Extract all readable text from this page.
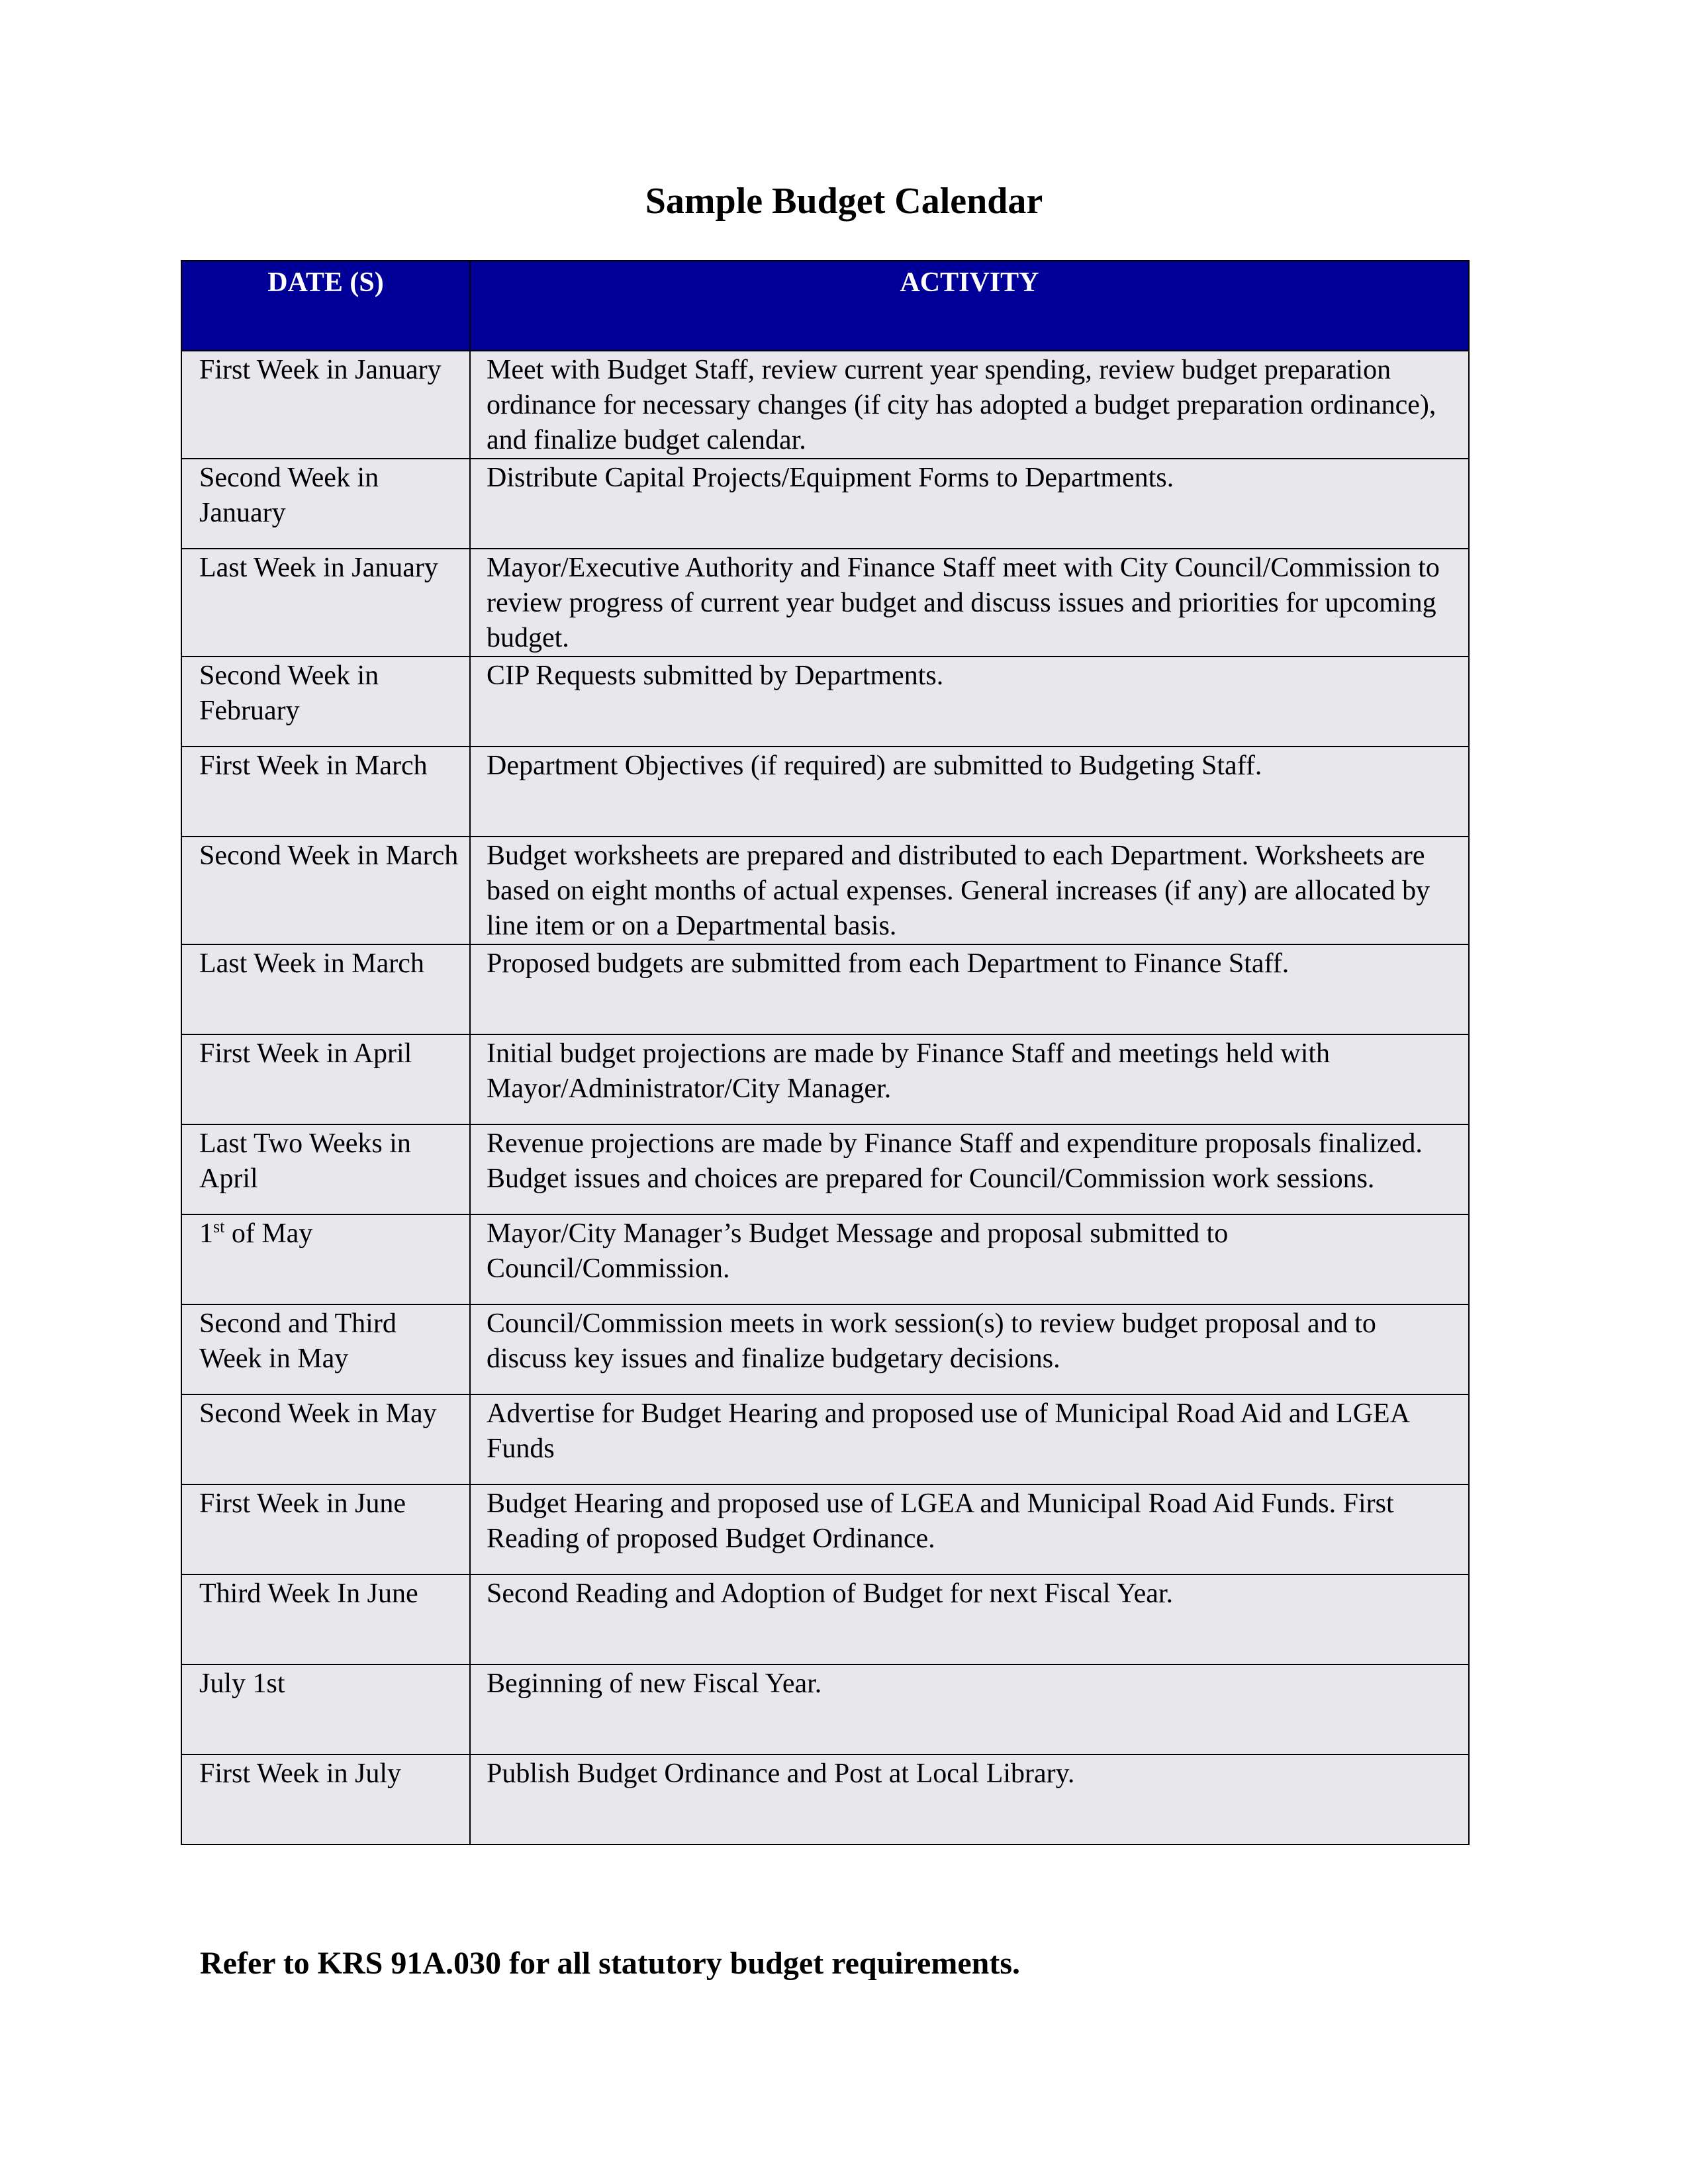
Sample Budget Calendar
DATE (S)	ACTIVITY
First Week in January	Meet with Budget Staff, review current year spending, review budget preparation ordinance for necessary changes (if city has adopted a budget preparation ordinance), and finalize budget calendar.
Second Week in January	Distribute Capital Projects/Equipment Forms to Departments.
Last Week in January	Mayor/Executive Authority and Finance Staff meet with City Council/Commission to review progress of current year budget and discuss issues and priorities for upcoming budget.
Second Week in February	CIP Requests submitted by Departments.
First Week in March	Department Objectives (if required) are submitted to Budgeting Staff.
Second Week in March	Budget worksheets are prepared and distributed to each Department. Worksheets are based on eight months of actual expenses. General increases (if any) are allocated by line item or on a Departmental basis.
Last Week in March	Proposed budgets are submitted from each Department to Finance Staff.
First Week in April	Initial budget projections are made by Finance Staff and meetings held with Mayor/Administrator/City Manager.
Last Two Weeks in April	Revenue projections are made by Finance Staff and expenditure proposals finalized. Budget issues and choices are prepared for Council/Commission work sessions.
1st of May	Mayor/City Manager’s Budget Message and proposal submitted to Council/Commission.
Second and Third Week in May	Council/Commission meets in work session(s) to review budget proposal and to discuss key issues and finalize budgetary decisions.
Second Week in May	Advertise for Budget Hearing and proposed use of Municipal Road Aid and LGEA Funds
First Week in June	Budget Hearing and proposed use of LGEA and Municipal Road Aid Funds. First Reading of proposed Budget Ordinance.
Third Week In June	Second Reading and Adoption of Budget for next Fiscal Year.
July 1st	Beginning of new Fiscal Year.
First Week in July	Publish Budget Ordinance and Post at Local Library.
Refer to KRS 91A.030 for all statutory budget requirements.
